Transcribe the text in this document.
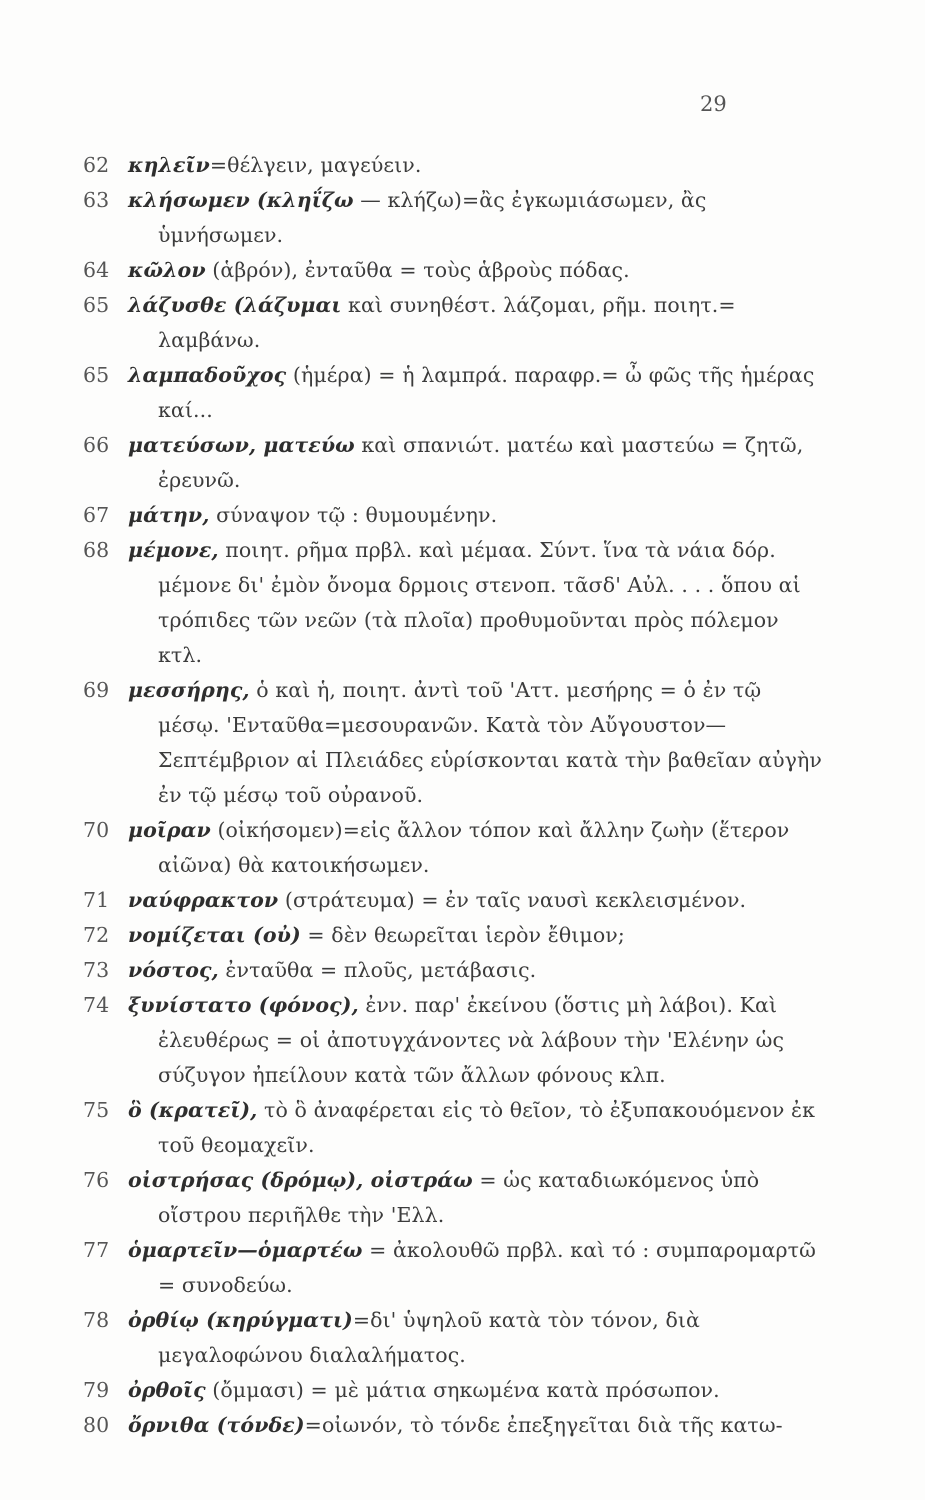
29
62 κηλεῖν=θέλγειν, μαγεύειν.
63 κλήσωμεν (κληΐζω — κλήζω)=ἂς ἐγκωμιάσωμεν, ἂς ὑμνήσωμεν.
64 κῶλον (ἁβρόν), ἐνταῦθα = τοὺς ἁβροὺς πόδας.
65 λάζυσθε (λάζυμαι καὶ συνηθέστ. λάζομαι, ρῆμ. ποιητ.= λαμβάνω.
65 λαμπαδοῦχος (ἡμέρα) = ἡ λαμπρά. παραφρ.= ὦ φῶς τῆς ἡμέρας καί...
66 ματεύσων, ματεύω καὶ σπανιώτ. ματέω καὶ μαστεύω = ζητῶ, ἐρευνῶ.
67 μάτην, σύναψον τῷ : θυμουμένην.
68 μέμονε, ποιητ. ρῆμα πρβλ. καὶ μέμαα. Σύντ. ἵνα τὰ νάια δόρ. μέμονε δι' ἐμὸν ὄνομα δρμοις στενοπ. τᾶσδ' Αὐλ. . . . ὅπου αἱ τρόπιδες τῶν νεῶν (τὰ πλοῖα) προθυμοῦνται πρὸς πόλεμον κτλ.
69 μεσσήρης, ὁ καὶ ἡ, ποιητ. ἀντὶ τοῦ 'Αττ. μεσήρης = ὁ ἐν τῷ μέσῳ. 'Ενταῦθα=μεσουρανῶν. Κατὰ τὸν Αὔγουστον—Σεπτέμβριον αἱ Πλειάδες εὑρίσκονται κατὰ τὴν βαθεῖαν αὐγὴν ἐν τῷ μέσῳ τοῦ οὐρανοῦ.
70 μοῖραν (οἰκήσομεν)=εἰς ἄλλον τόπον καὶ ἄλλην ζωὴν (ἕτερον αἰῶνα) θὰ κατοικήσωμεν.
71 ναύφρακτον (στράτευμα) = ἐν ταῖς ναυσὶ κεκλεισμένον.
72 νομίζεται (οὐ) = δὲν θεωρεῖται ἱερὸν ἔθιμον;
73 νόστος, ἐνταῦθα = πλοῦς, μετάβασις.
74 ξυνίστατο (φόνος), ἐνν. παρ' ἐκείνου (ὅστις μὴ λάβοι). Καὶ ἐλευθέρως = οἱ ἀποτυγχάνοντες νὰ λάβουν τὴν 'Ελένην ὡς σύζυγον ἠπείλουν κατὰ τῶν ἄλλων φόνους κλπ.
75 ὃ (κρατεῖ), τὸ ὃ ἀναφέρεται εἰς τὸ θεῖον, τὸ ἐξυπακουόμενον ἐκ τοῦ θεομαχεῖν.
76 οἰστρήσας (δρόμῳ), οἰστράω = ὡς καταδιωκόμενος ὑπὸ οἴστρου περιῆλθε τὴν 'Ελλ.
77 ὁμαρτεῖν—ὁμαρτέω = ἀκολουθῶ πρβλ. καὶ τό : συμπαρομαρτῶ = συνοδεύω.
78 ὀρθίῳ (κηρύγματι)=δι' ὑψηλοῦ κατὰ τὸν τόνον, διὰ μεγαλοφώνου διαλαλήματος.
79 ὀρθοῖς (ὄμμασι) = μὲ μάτια σηκωμένα κατὰ πρόσωπον.
80 ὄρνιθα (τόνδε)=οἰωνόν, τὸ τόνδε ἐπεξηγεῖται διὰ τῆς κατω-
